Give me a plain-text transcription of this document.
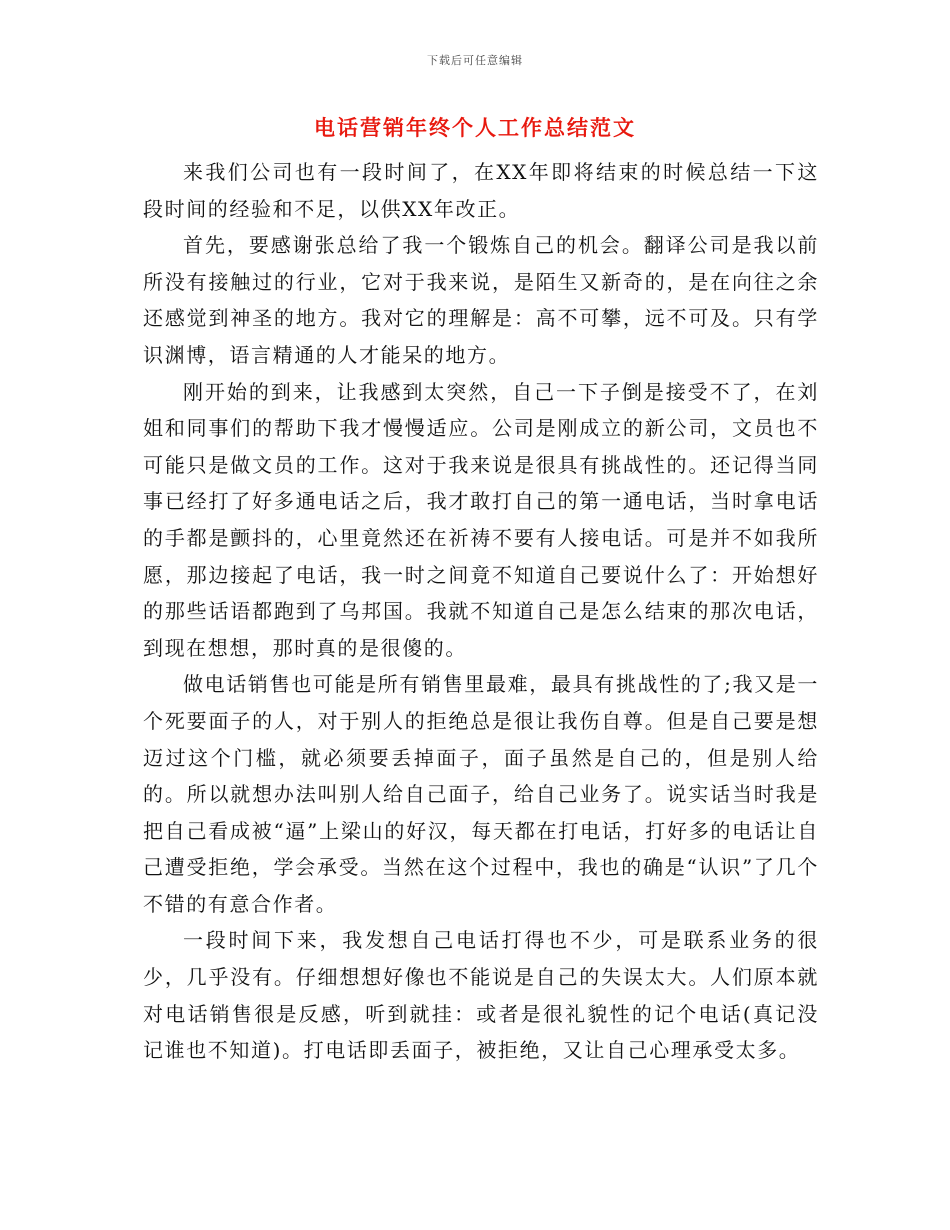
下载后可任意编辑
电话营销年终个人工作总结范文

来我们公司也有一段时间了，在XX年即将结束的时候总结一下这段时间的经验和不足，以供XX年改正。

首先，要感谢张总给了我一个锻炼自己的机会。翻译公司是我以前所没有接触过的行业，它对于我来说，是陌生又新奇的，是在向往之余还感觉到神圣的地方。我对它的理解是：高不可攀，远不可及。只有学识渊博，语言精通的人才能呆的地方。

刚开始的到来，让我感到太突然，自己一下子倒是接受不了，在刘姐和同事们的帮助下我才慢慢适应。公司是刚成立的新公司，文员也不可能只是做文员的工作。这对于我来说是很具有挑战性的。还记得当同事已经打了好多通电话之后，我才敢打自己的第一通电话，当时拿电话的手都是颤抖的，心里竟然还在祈祷不要有人接电话。可是并不如我所愿，那边接起了电话，我一时之间竟不知道自己要说什么了：开始想好的那些话语都跑到了乌邦国。我就不知道自己是怎么结束的那次电话，到现在想想，那时真的是很傻的。

做电话销售也可能是所有销售里最难，最具有挑战性的了;我又是一个死要面子的人，对于别人的拒绝总是很让我伤自尊。但是自己要是想迈过这个门槛，就必须要丢掉面子，面子虽然是自己的，但是别人给的。所以就想办法叫别人给自己面子，给自己业务了。说实话当时我是把自己看成被“逼”上梁山的好汉，每天都在打电话，打好多的电话让自己遭受拒绝，学会承受。当然在这个过程中，我也的确是“认识”了几个不错的有意合作者。

一段时间下来，我发想自己电话打得也不少，可是联系业务的很少，几乎没有。仔细想想好像也不能说是自己的失误太大。人们原本就对电话销售很是反感，听到就挂：或者是很礼貌性的记个电话(真记没记谁也不知道)。打电话即丢面子，被拒绝，又让自己心理承受太多。
